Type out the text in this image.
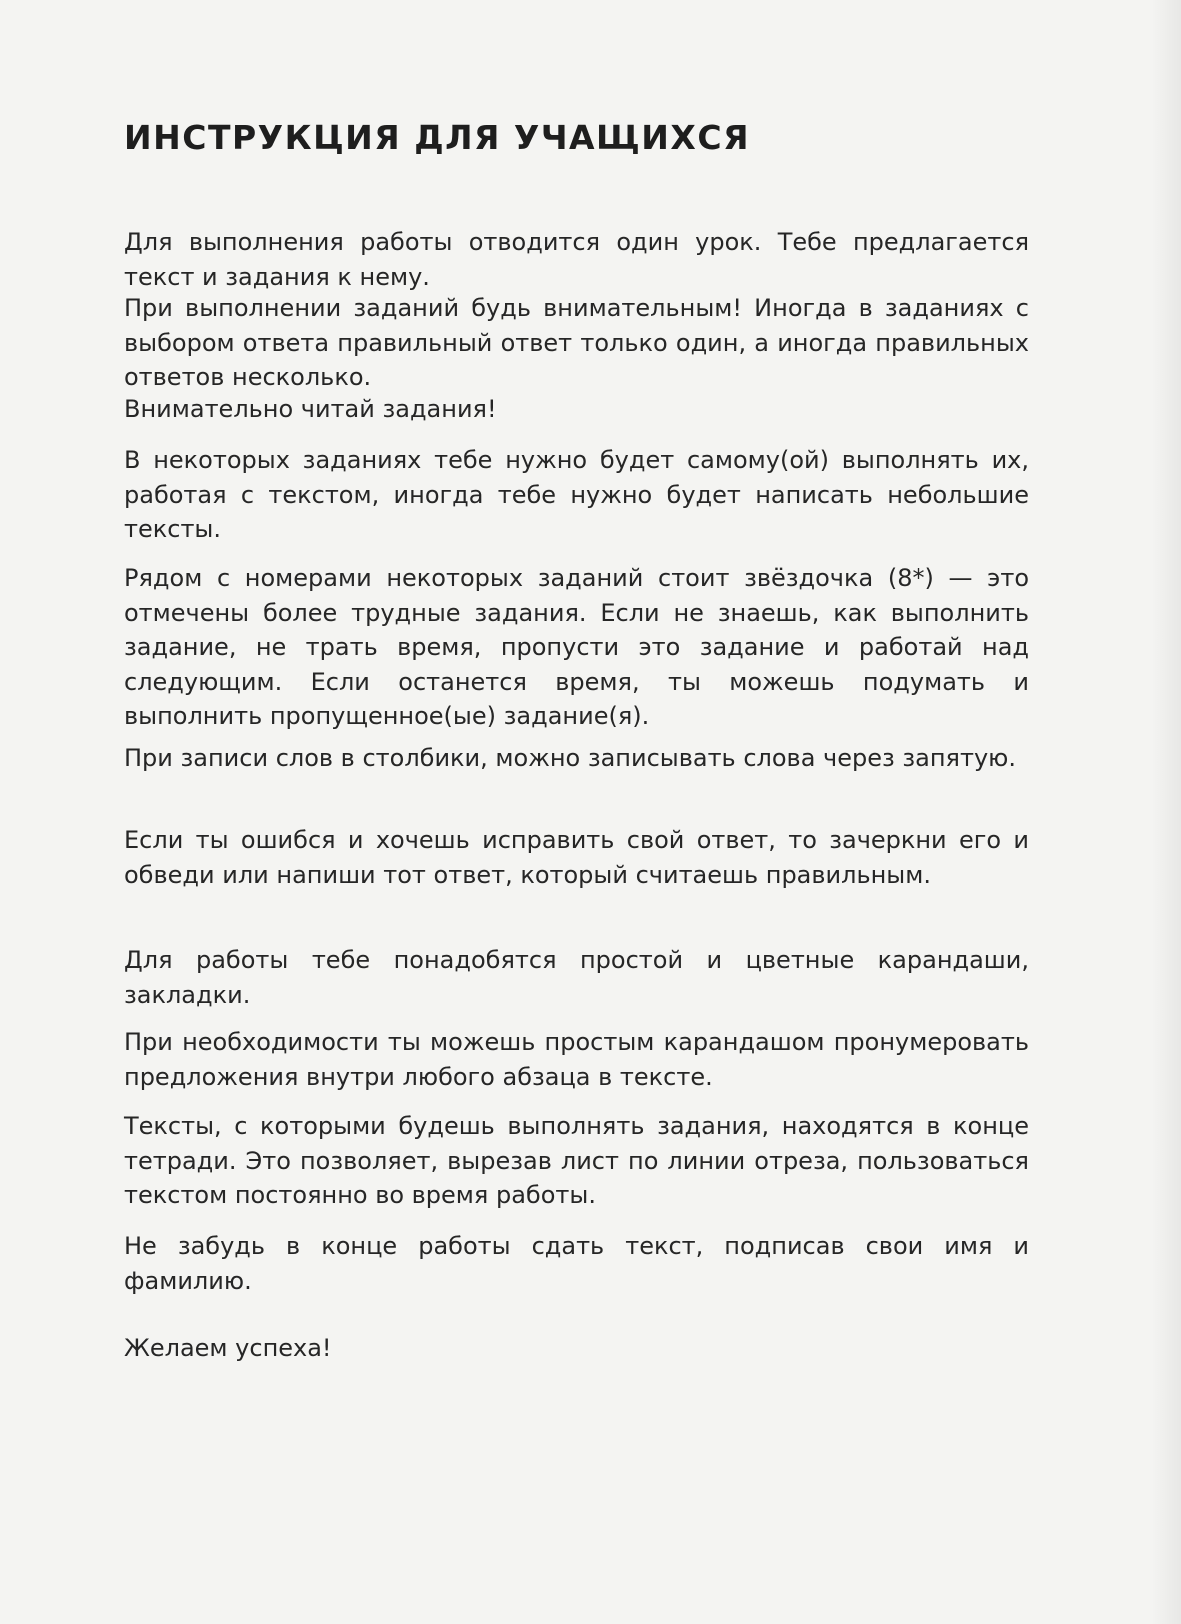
ИНСТРУКЦИЯ ДЛЯ УЧАЩИХСЯ
Для выполнения работы отводится один урок. Тебе предлагается текст и задания к нему.
При выполнении заданий будь внимательным! Иногда в заданиях с выбором ответа правильный ответ только один, а иногда правильных ответов несколько.
Внимательно читай задания!
В некоторых заданиях тебе нужно будет самому(ой) выполнять их, работая с текстом, иногда тебе нужно будет написать небольшие тексты.
Рядом с номерами некоторых заданий стоит звёздочка (8*) — это отмечены более трудные задания. Если не знаешь, как выполнить задание, не трать время, пропусти это задание и работай над следующим. Если останется время, ты можешь подумать и выполнить пропущенное(ые) задание(я).
При записи слов в столбики, можно записывать слова через запятую.
Если ты ошибся и хочешь исправить свой ответ, то зачеркни его и обведи или напиши тот ответ, который считаешь правильным.
Для работы тебе понадобятся простой и цветные карандаши, закладки.
При необходимости ты можешь простым карандашом пронумеровать предложения внутри любого абзаца в тексте.
Тексты, с которыми будешь выполнять задания, находятся в конце тетради. Это позволяет, вырезав лист по линии отреза, пользоваться текстом постоянно во время работы.
Не забудь в конце работы сдать текст, подписав свои имя и фамилию.
Желаем успеха!
